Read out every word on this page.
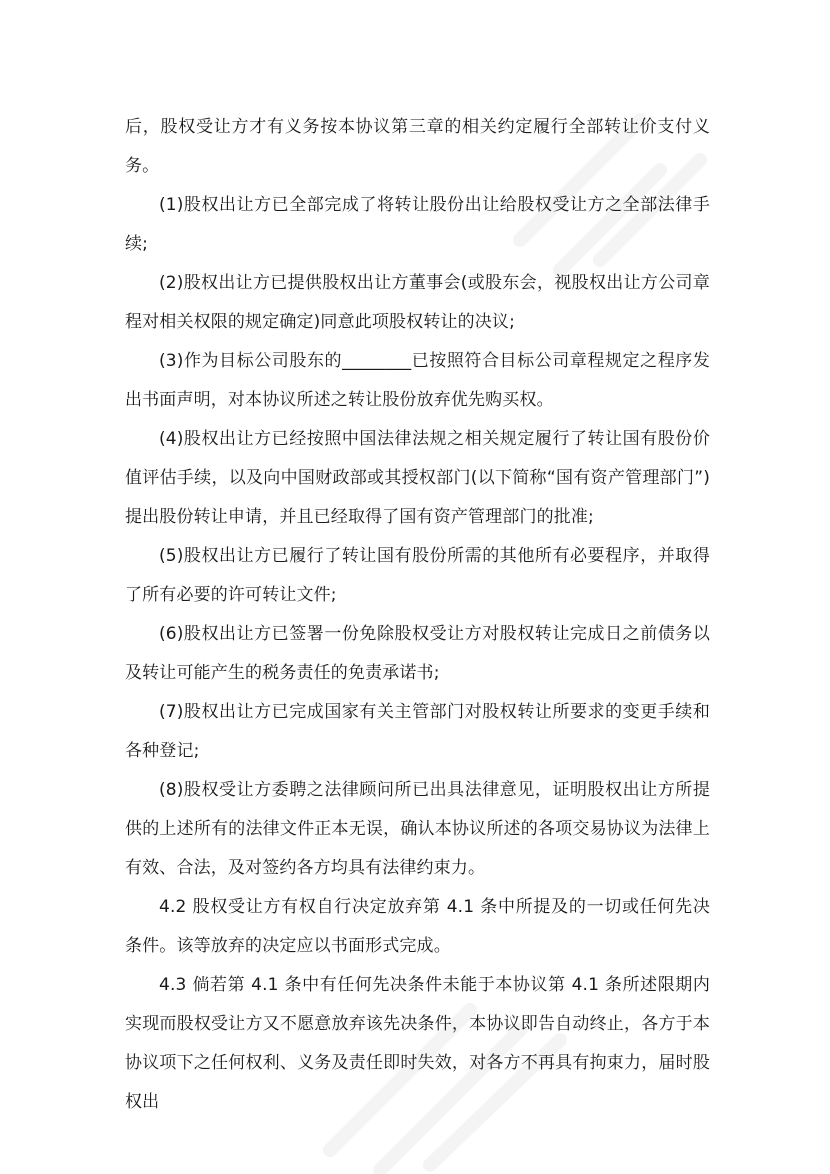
后，股权受让方才有义务按本协议第三章的相关约定履行全部转让价支付义务。

(1)股权出让方已全部完成了将转让股份出让给股权受让方之全部法律手续;

(2)股权出让方已提供股权出让方董事会(或股东会，视股权出让方公司章程对相关权限的规定确定)同意此项股权转让的决议;

(3)作为目标公司股东的________已按照符合目标公司章程规定之程序发出书面声明，对本协议所述之转让股份放弃优先购买权。

(4)股权出让方已经按照中国法律法规之相关规定履行了转让国有股份价值评估手续，以及向中国财政部或其授权部门(以下简称“国有资产管理部门”)提出股份转让申请，并且已经取得了国有资产管理部门的批准;

(5)股权出让方已履行了转让国有股份所需的其他所有必要程序，并取得了所有必要的许可转让文件;

(6)股权出让方已签署一份免除股权受让方对股权转让完成日之前债务以及转让可能产生的税务责任的免责承诺书;

(7)股权出让方已完成国家有关主管部门对股权转让所要求的变更手续和各种登记;

(8)股权受让方委聘之法律顾问所已出具法律意见，证明股权出让方所提供的上述所有的法律文件正本无误，确认本协议所述的各项交易协议为法律上有效、合法，及对签约各方均具有法律约束力。

4.2 股权受让方有权自行决定放弃第 4.1 条中所提及的一切或任何先决条件。该等放弃的决定应以书面形式完成。

4.3 倘若第 4.1 条中有任何先决条件未能于本协议第 4.1 条所述限期内实现而股权受让方又不愿意放弃该先决条件，本协议即告自动终止，各方于本协议项下之任何权利、义务及责任即时失效，对各方不再具有拘束力，届时股权出
